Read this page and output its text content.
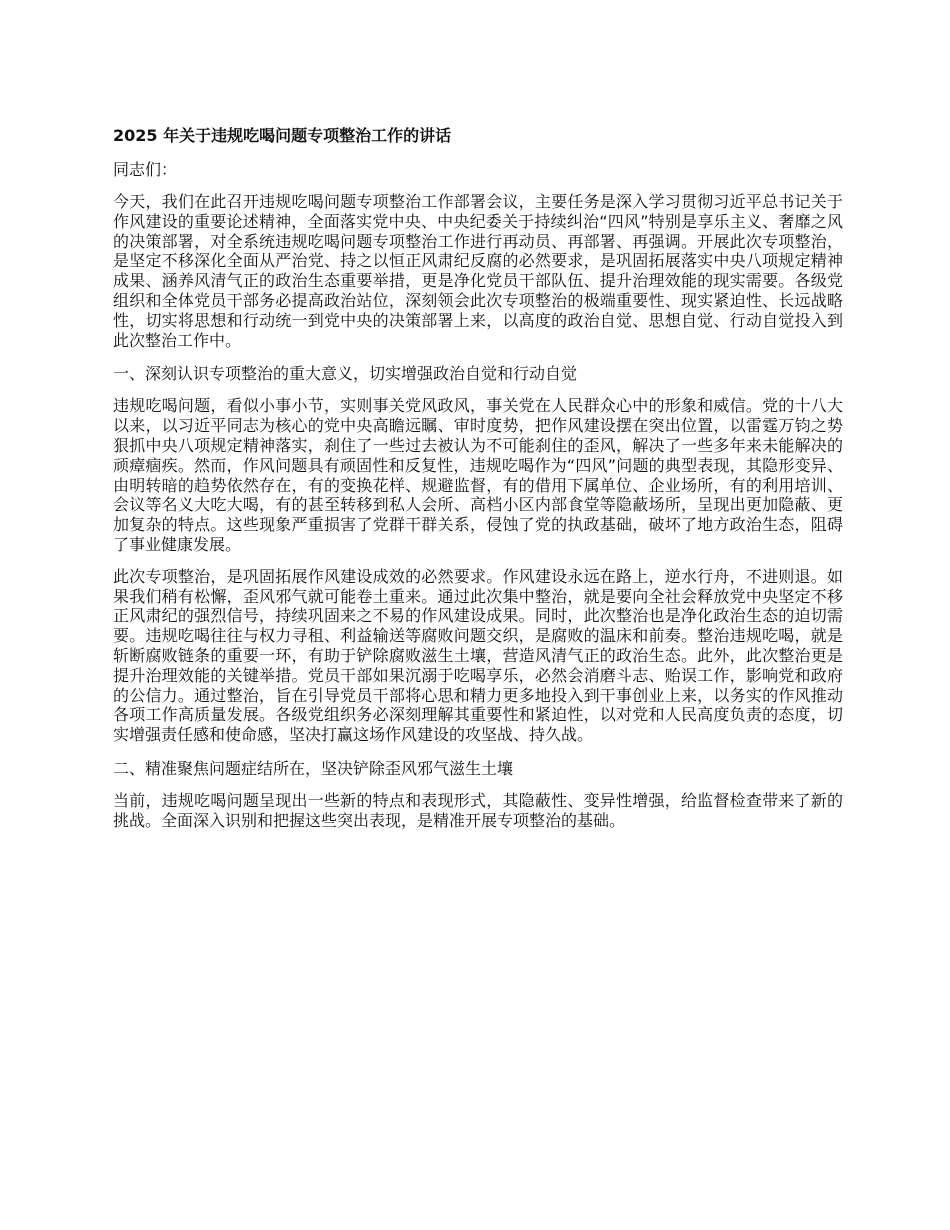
2025 年关于违规吃喝问题专项整治工作的讲话
同志们：

今天，我们在此召开违规吃喝问题专项整治工作部署会议，主要任务是深入学习贯彻习近平总书记关于作风建设的重要论述精神，全面落实党中央、中央纪委关于持续纠治“四风”特别是享乐主义、奢靡之风的决策部署，对全系统违规吃喝问题专项整治工作进行再动员、再部署、再强调。开展此次专项整治，是坚定不移深化全面从严治党、持之以恒正风肃纪反腐的必然要求，是巩固拓展落实中央八项规定精神成果、涵养风清气正的政治生态重要举措，更是净化党员干部队伍、提升治理效能的现实需要。各级党组织和全体党员干部务必提高政治站位，深刻领会此次专项整治的极端重要性、现实紧迫性、长远战略性，切实将思想和行动统一到党中央的决策部署上来，以高度的政治自觉、思想自觉、行动自觉投入到此次整治工作中。

一、深刻认识专项整治的重大意义，切实增强政治自觉和行动自觉

违规吃喝问题，看似小事小节，实则事关党风政风，事关党在人民群众心中的形象和威信。党的十八大以来，以习近平同志为核心的党中央高瞻远瞩、审时度势，把作风建设摆在突出位置，以雷霆万钧之势狠抓中央八项规定精神落实，刹住了一些过去被认为不可能刹住的歪风，解决了一些多年来未能解决的顽瘴痼疾。然而，作风问题具有顽固性和反复性，违规吃喝作为“四风”问题的典型表现，其隐形变异、由明转暗的趋势依然存在，有的变换花样、规避监督，有的借用下属单位、企业场所，有的利用培训、会议等名义大吃大喝，有的甚至转移到私人会所、高档小区内部食堂等隐蔽场所，呈现出更加隐蔽、更加复杂的特点。这些现象严重损害了党群干群关系，侵蚀了党的执政基础，破坏了地方政治生态，阻碍了事业健康发展。

此次专项整治，是巩固拓展作风建设成效的必然要求。作风建设永远在路上，逆水行舟，不进则退。如果我们稍有松懈，歪风邪气就可能卷土重来。通过此次集中整治，就是要向全社会释放党中央坚定不移正风肃纪的强烈信号，持续巩固来之不易的作风建设成果。同时，此次整治也是净化政治生态的迫切需要。违规吃喝往往与权力寻租、利益输送等腐败问题交织，是腐败的温床和前奏。整治违规吃喝，就是斩断腐败链条的重要一环，有助于铲除腐败滋生土壤，营造风清气正的政治生态。此外，此次整治更是提升治理效能的关键举措。党员干部如果沉溺于吃喝享乐，必然会消磨斗志、贻误工作，影响党和政府的公信力。通过整治，旨在引导党员干部将心思和精力更多地投入到干事创业上来，以务实的作风推动各项工作高质量发展。各级党组织务必深刻理解其重要性和紧迫性，以对党和人民高度负责的态度，切实增强责任感和使命感，坚决打赢这场作风建设的攻坚战、持久战。

二、精准聚焦问题症结所在，坚决铲除歪风邪气滋生土壤

当前，违规吃喝问题呈现出一些新的特点和表现形式，其隐蔽性、变异性增强，给监督检查带来了新的挑战。全面深入识别和把握这些突出表现，是精准开展专项整治的基础。
